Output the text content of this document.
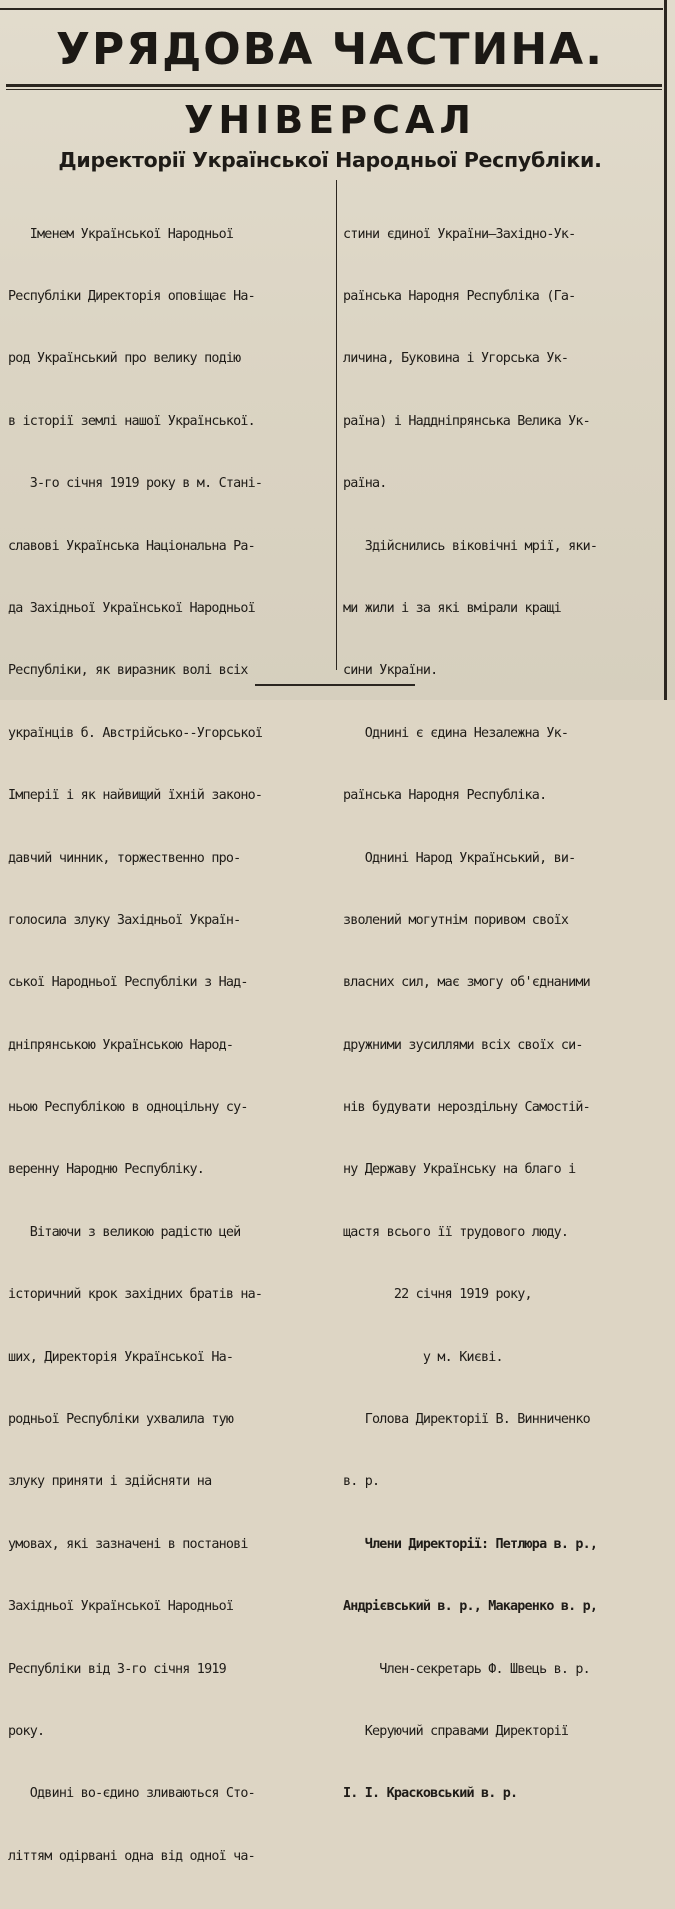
УРЯДОВА ЧАСТИНА.
УНІВЕРСАЛ
Директорії Української Народньої Республіки.

Іменем Української Народньої

Республіки Директорія оповіщає На-

род Український про велику подію

в історії землі нашої Української.

3-го січня 1919 року в м. Стані-

славові Українська Національна Ра-

да Західньої Української Народньої

Республіки, як виразник волі всіх

українців б. Австрійсько--Угорської

Імперії і як найвищий їхній законо-

давчий чинник, торжественно про-

голосила злуку Західньої Україн-

ської Народньої Республіки з Над-

дніпрянською Українською Народ-

ньою Республікою в одноцільну су-

веренну Народню Республіку.

Вітаючи з великою радістю цей

історичний крок західних братів на-

ших, Директорія Української На-

родньої Республіки ухвалила тую

злуку приняти і здійсняти на

умовах, які зазначені в постанові

Західньої Української Народньої

Республіки від 3-го січня 1919

року.

Одвині во-єдино зливаються Сто-

літтям одірвані одна від одної ча-

стини єдиної України—Західно-Ук-

раїнська Народня Республіка (Га-

личина, Буковина і Угорська Ук-

раїна) і Наддніпрянська Велика Ук-

раїна.

Здійснились віковічні мрії, яки-

ми жили і за які вмірали кращі

сини України.

Однині є єдина Незалежна Ук-

раїнська Народня Республіка.

Однині Народ Український, ви-

зволений могутнім поривом своїх

власних сил, має змогу об'єднаними

дружними зусиллями всіх своїх си-

нів будувати нероздільну Самостій-

ну Державу Українську на благо і

щастя всього її трудового люду.

22 січня 1919 року,

у м. Києві.

Голова Директорії В. Винниченко

в. р.

Члени Директорії: Петлюра в. р.,

Андрієвський в. р., Макаренко в. р,

Член-секретарь Ф. Швець в. р.

Керуючий справами Директорії

І. І. Красковський в. р.
